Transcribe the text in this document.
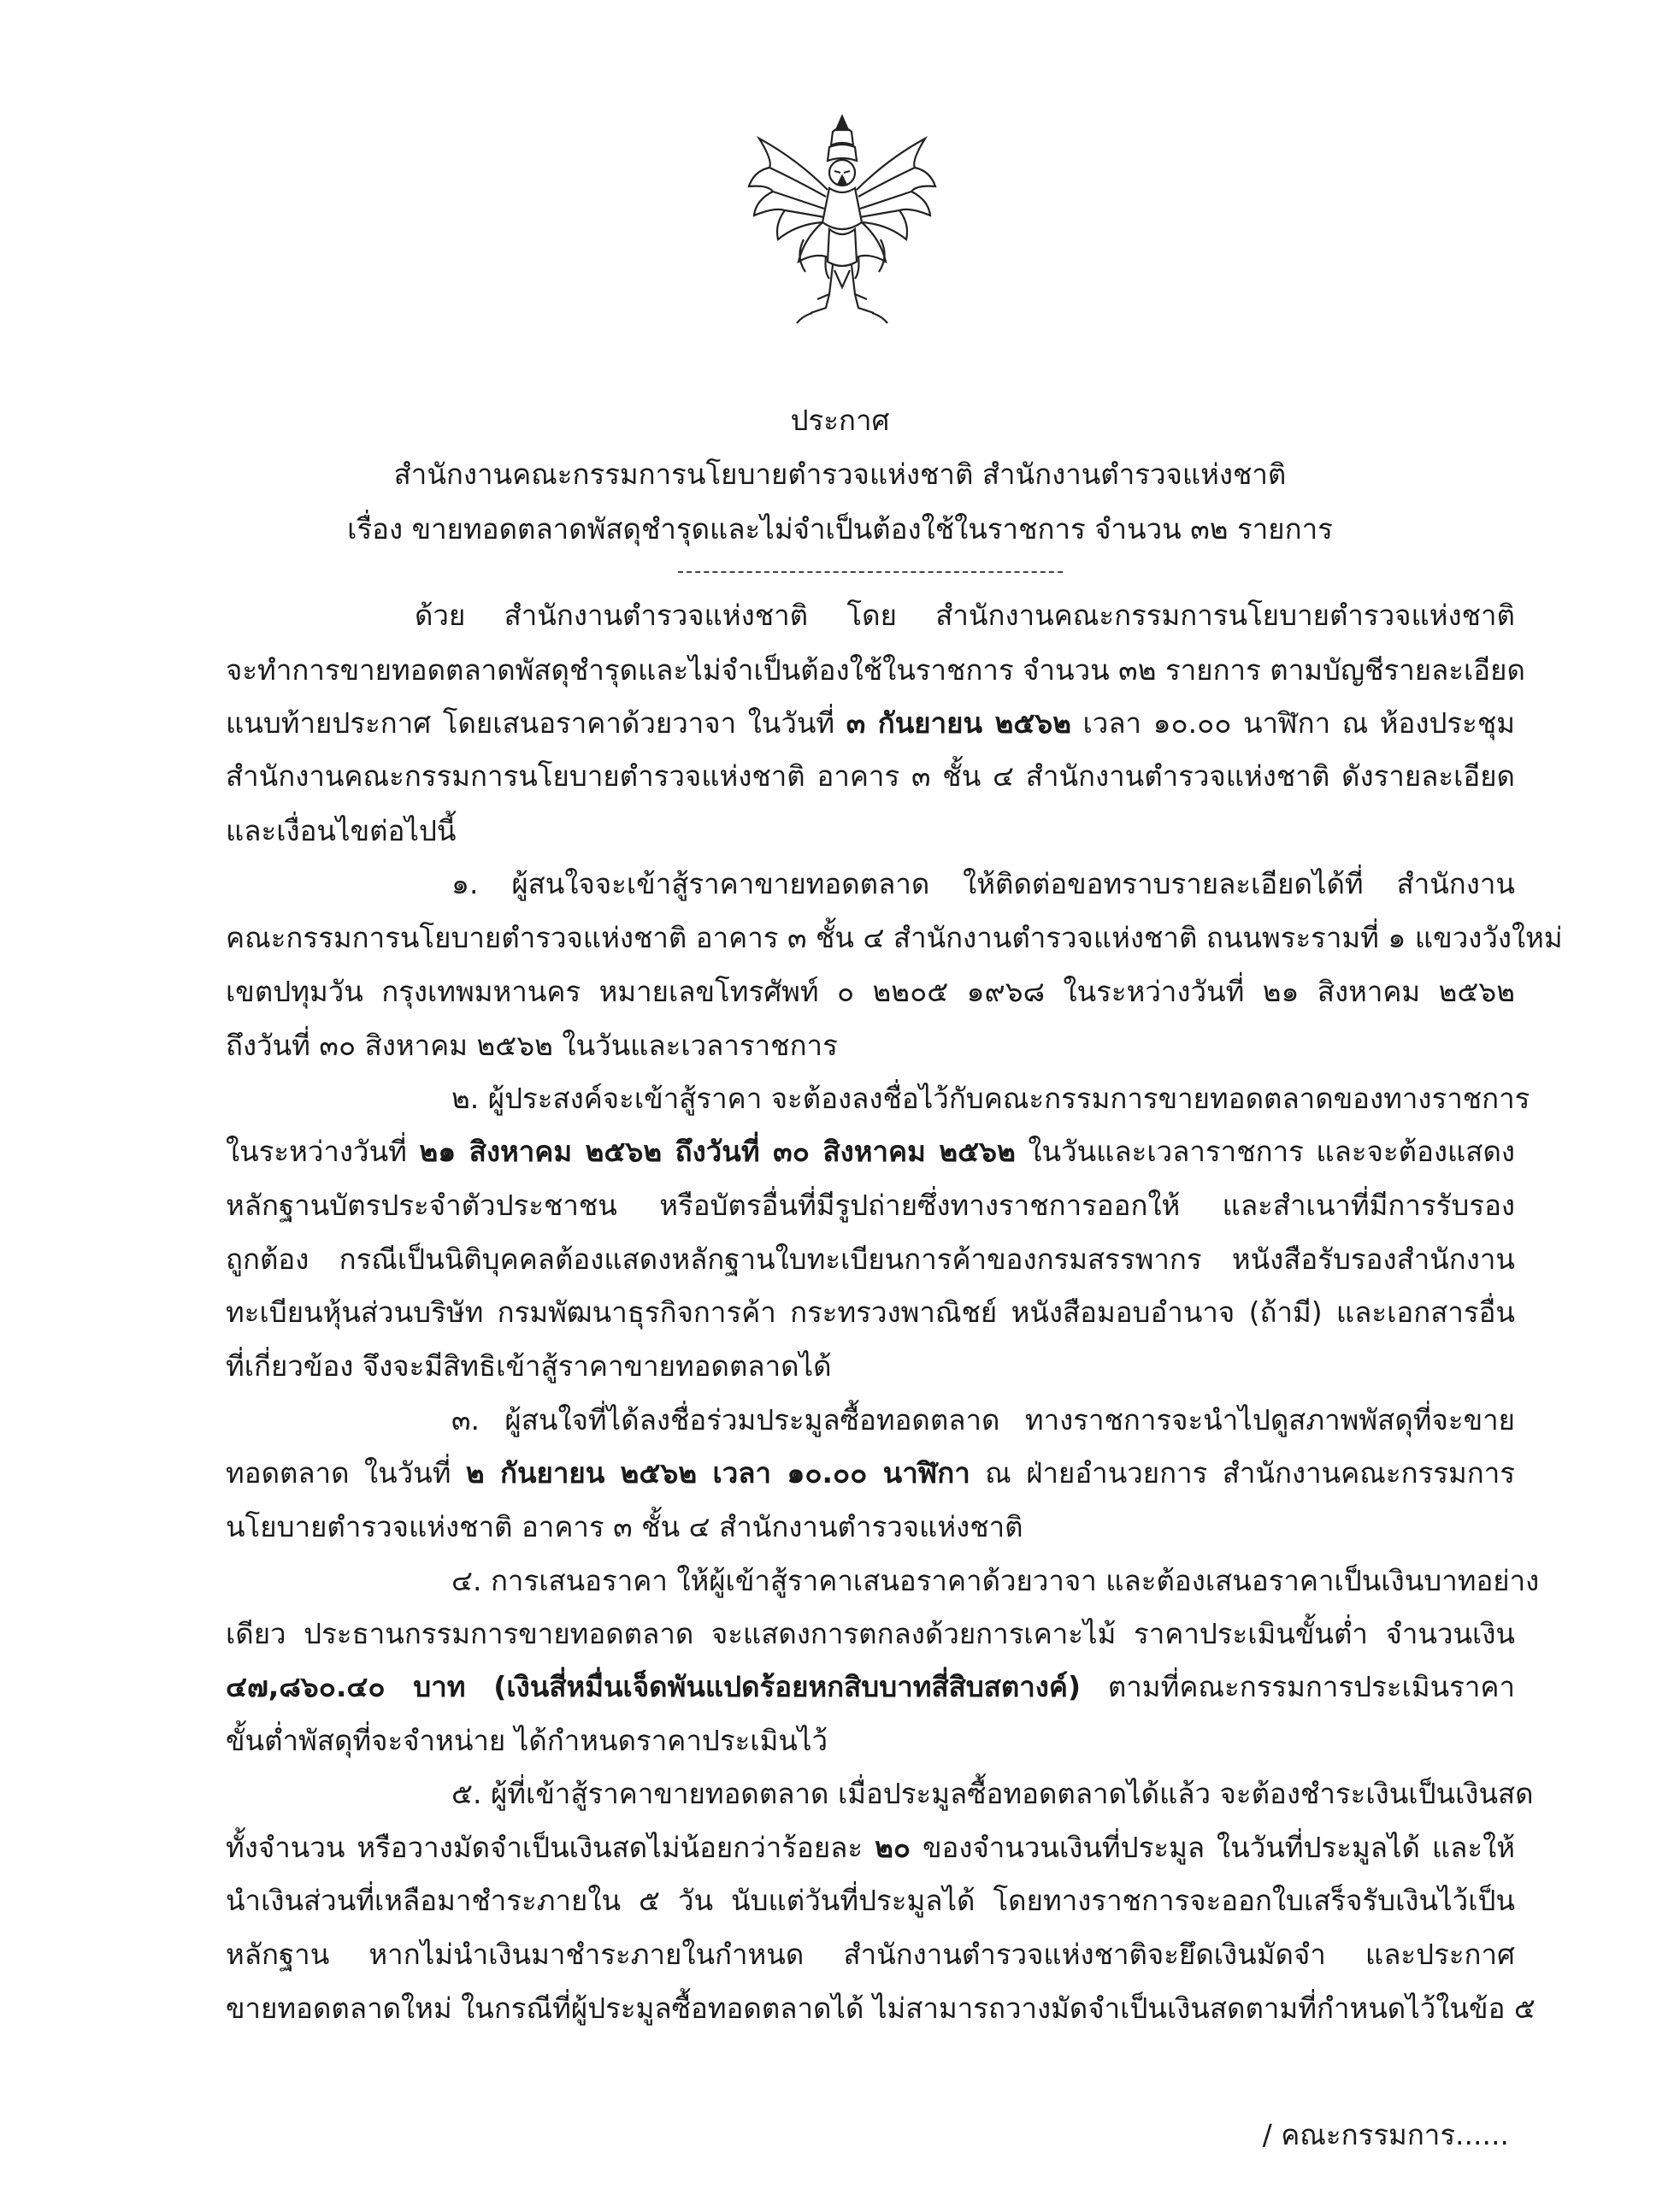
ประกาศ
สำนักงานคณะกรรมการนโยบายตำรวจแห่งชาติ สำนักงานตำรวจแห่งชาติ
เรื่อง ขายทอดตลาดพัสดุชำรุดและไม่จำเป็นต้องใช้ในราชการ จำนวน ๓๒ รายการ
ด้วย สำนักงานตำรวจแห่งชาติ โดย สำนักงานคณะกรรมการนโยบายตำรวจแห่งชาติ
จะทำการขายทอดตลาดพัสดุชำรุดและไม่จำเป็นต้องใช้ในราชการ จำนวน ๓๒ รายการ ตามบัญชีรายละเอียด
แนบท้ายประกาศ โดยเสนอราคาด้วยวาจา ในวันที่ ๓ กันยายน ๒๕๖๒ เวลา ๑๐.๐๐ นาฬิกา ณ ห้องประชุม
สำนักงานคณะกรรมการนโยบายตำรวจแห่งชาติ อาคาร ๓ ชั้น ๔ สำนักงานตำรวจแห่งชาติ ดังรายละเอียด
และเงื่อนไขต่อไปนี้
๑. ผู้สนใจจะเข้าสู้ราคาขายทอดตลาด ให้ติดต่อขอทราบรายละเอียดได้ที่ สำนักงาน
คณะกรรมการนโยบายตำรวจแห่งชาติ อาคาร ๓ ชั้น ๔ สำนักงานตำรวจแห่งชาติ ถนนพระรามที่ ๑ แขวงวังใหม่
เขตปทุมวัน กรุงเทพมหานคร หมายเลขโทรศัพท์ ๐ ๒๒๐๕ ๑๙๖๘ ในระหว่างวันที่ ๒๑ สิงหาคม ๒๕๖๒
ถึงวันที่ ๓๐ สิงหาคม ๒๕๖๒ ในวันและเวลาราชการ
๒. ผู้ประสงค์จะเข้าสู้ราคา จะต้องลงชื่อไว้กับคณะกรรมการขายทอดตลาดของทางราชการ
ในระหว่างวันที่ ๒๑ สิงหาคม ๒๕๖๒ ถึงวันที่ ๓๐ สิงหาคม ๒๕๖๒ ในวันและเวลาราชการ และจะต้องแสดง
หลักฐานบัตรประจำตัวประชาชน หรือบัตรอื่นที่มีรูปถ่ายซึ่งทางราชการออกให้ และสำเนาที่มีการรับรอง
ถูกต้อง กรณีเป็นนิติบุคคลต้องแสดงหลักฐานใบทะเบียนการค้าของกรมสรรพากร หนังสือรับรองสำนักงาน
ทะเบียนหุ้นส่วนบริษัท กรมพัฒนาธุรกิจการค้า กระทรวงพาณิชย์ หนังสือมอบอำนาจ (ถ้ามี) และเอกสารอื่น
ที่เกี่ยวข้อง จึงจะมีสิทธิเข้าสู้ราคาขายทอดตลาดได้
๓. ผู้สนใจที่ได้ลงชื่อร่วมประมูลซื้อทอดตลาด ทางราชการจะนำไปดูสภาพพัสดุที่จะขาย
ทอดตลาด ในวันที่ ๒ กันยายน ๒๕๖๒ เวลา ๑๐.๐๐ นาฬิกา ณ ฝ่ายอำนวยการ สำนักงานคณะกรรมการ
นโยบายตำรวจแห่งชาติ อาคาร ๓ ชั้น ๔ สำนักงานตำรวจแห่งชาติ
๔. การเสนอราคา ให้ผู้เข้าสู้ราคาเสนอราคาด้วยวาจา และต้องเสนอราคาเป็นเงินบาทอย่าง
เดียว ประธานกรรมการขายทอดตลาด จะแสดงการตกลงด้วยการเคาะไม้ ราคาประเมินขั้นต่ำ จำนวนเงิน
๔๗,๘๖๐.๔๐ บาท (เงินสี่หมื่นเจ็ดพันแปดร้อยหกสิบบาทสี่สิบสตางค์) ตามที่คณะกรรมการประเมินราคา
ขั้นต่ำพัสดุที่จะจำหน่าย ได้กำหนดราคาประเมินไว้
๕. ผู้ที่เข้าสู้ราคาขายทอดตลาด เมื่อประมูลซื้อทอดตลาดได้แล้ว จะต้องชำระเงินเป็นเงินสด
ทั้งจำนวน หรือวางมัดจำเป็นเงินสดไม่น้อยกว่าร้อยละ ๒๐ ของจำนวนเงินที่ประมูล ในวันที่ประมูลได้ และให้
นำเงินส่วนที่เหลือมาชำระภายใน ๕ วัน นับแต่วันที่ประมูลได้ โดยทางราชการจะออกใบเสร็จรับเงินไว้เป็น
หลักฐาน หากไม่นำเงินมาชำระภายในกำหนด สำนักงานตำรวจแห่งชาติจะยึดเงินมัดจำ และประกาศ
ขายทอดตลาดใหม่ ในกรณีที่ผู้ประมูลซื้อทอดตลาดได้ ไม่สามารถวางมัดจำเป็นเงินสดตามที่กำหนดไว้ในข้อ ๕
/ คณะกรรมการ......
